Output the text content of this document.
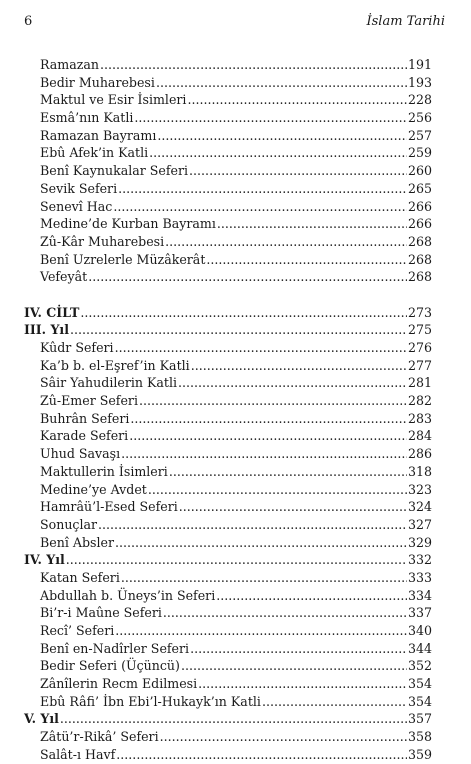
6	İslam Tarihi
Ramazan .....	191
Bedir Muharebesi .....	193
Maktul ve Esir İsimleri .....	228
Esmâ’nın Katli .....	256
Ramazan Bayramı .....	257
Ebû Afek’in Katli .....	259
Benî Kaynukalar Seferi .....	260
Sevik Seferi .....	265
Senevî Hac .....	266
Medine’de Kurban Bayramı .....	266
Zû-Kâr Muharebesi .....	268
Benî Uzrelerle Müzâkerât .....	268
Vefeyât .....	268
IV. CİLT .....	273
III. Yıl .....	275
Kûdr Seferi .....	276
Ka’b b. el-Eşref’in Katli .....	277
Sâir Yahudilerin Katli .....	281
Zû-Emer Seferi .....	282
Buhrân Seferi .....	283
Karade Seferi .....	284
Uhud Savaşı .....	286
Maktullerin İsimleri .....	318
Medine’ye Avdet .....	323
Hamrâü’l-Esed Seferi .....	324
Sonuçlar .....	327
Benî Absler .....	329
IV. Yıl .....	332
Katan Seferi .....	333
Abdullah b. Üneys’in Seferi .....	334
Bi’r-i Maûne Seferi .....	337
Recî’ Seferi .....	340
Benî en-Nadîrler Seferi .....	344
Bedir Seferi (Üçüncü) .....	352
Zânîlerin Recm Edilmesi .....	354
Ebû Râfi’ İbn Ebi’l-Hukayk’ın Katli .....	354
V. Yıl .....	357
Zâtü’r-Rikâ’ Seferi .....	358
Salât-ı Havf .....	359
